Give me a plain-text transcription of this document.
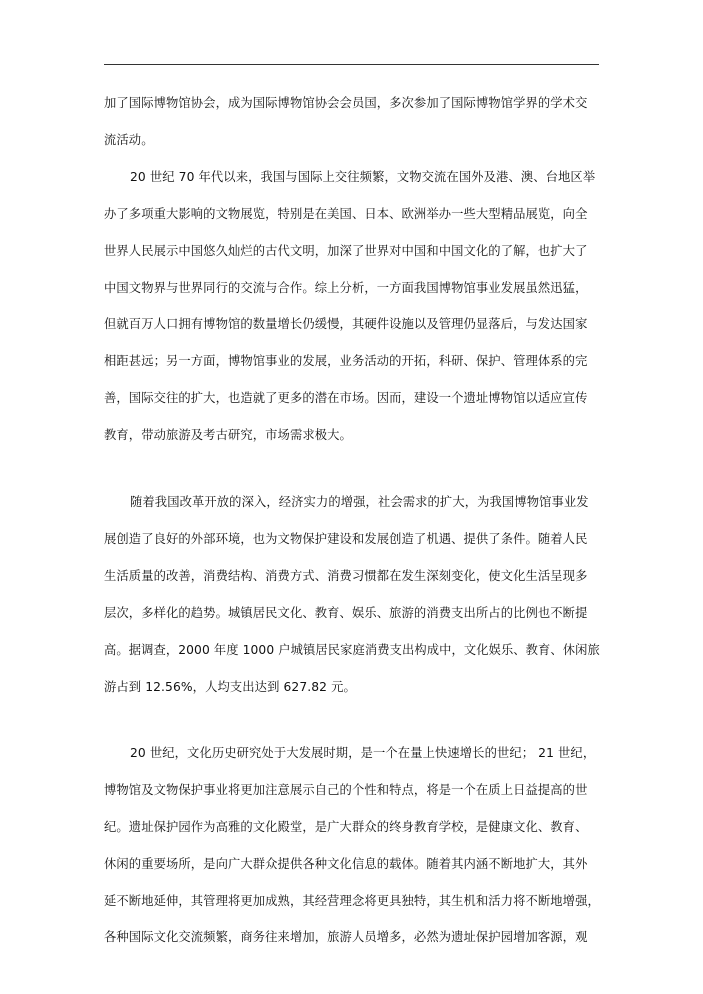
加了国际博物馆协会，成为国际博物馆协会会员国，多次参加了国际博物馆学界的学术交
流活动。
20 世纪 70 年代以来，我国与国际上交往频繁，文物交流在国外及港、澳、台地区举
办了多项重大影响的文物展览，特别是在美国、日本、欧洲举办一些大型精品展览，向全
世界人民展示中国悠久灿烂的古代文明，加深了世界对中国和中国文化的了解，也扩大了
中国文物界与世界同行的交流与合作。综上分析，一方面我国博物馆事业发展虽然迅猛，
但就百万人口拥有博物馆的数量增长仍缓慢，其硬件设施以及管理仍显落后，与发达国家
相距甚远；另一方面，博物馆事业的发展，业务活动的开拓，科研、保护、管理体系的完
善，国际交往的扩大，也造就了更多的潜在市场。因而，建设一个遗址博物馆以适应宣传
教育，带动旅游及考古研究，市场需求极大。
随着我国改革开放的深入，经济实力的增强，社会需求的扩大，为我国博物馆事业发
展创造了良好的外部环境，也为文物保护建设和发展创造了机遇、提供了条件。随着人民
生活质量的改善，消费结构、消费方式、消费习惯都在发生深刻变化，使文化生活呈现多
层次，多样化的趋势。城镇居民文化、教育、娱乐、旅游的消费支出所占的比例也不断提
高。据调查，2000 年度 1000 户城镇居民家庭消费支出构成中，文化娱乐、教育、休闲旅
游占到 12.56%，人均支出达到 627.82 元。
20 世纪，文化历史研究处于大发展时期，是一个在量上快速增长的世纪； 21 世纪，
博物馆及文物保护事业将更加注意展示自己的个性和特点，将是一个在质上日益提高的世
纪。遗址保护园作为高雅的文化殿堂，是广大群众的终身教育学校，是健康文化、教育、
休闲的重要场所，是向广大群众提供各种文化信息的载体。随着其内涵不断地扩大，其外
延不断地延伸，其管理将更加成熟，其经营理念将更具独特，其生机和活力将不断地增强，
各种国际文化交流频繁，商务往来增加，旅游人员增多，必然为遗址保护园增加客源，观
